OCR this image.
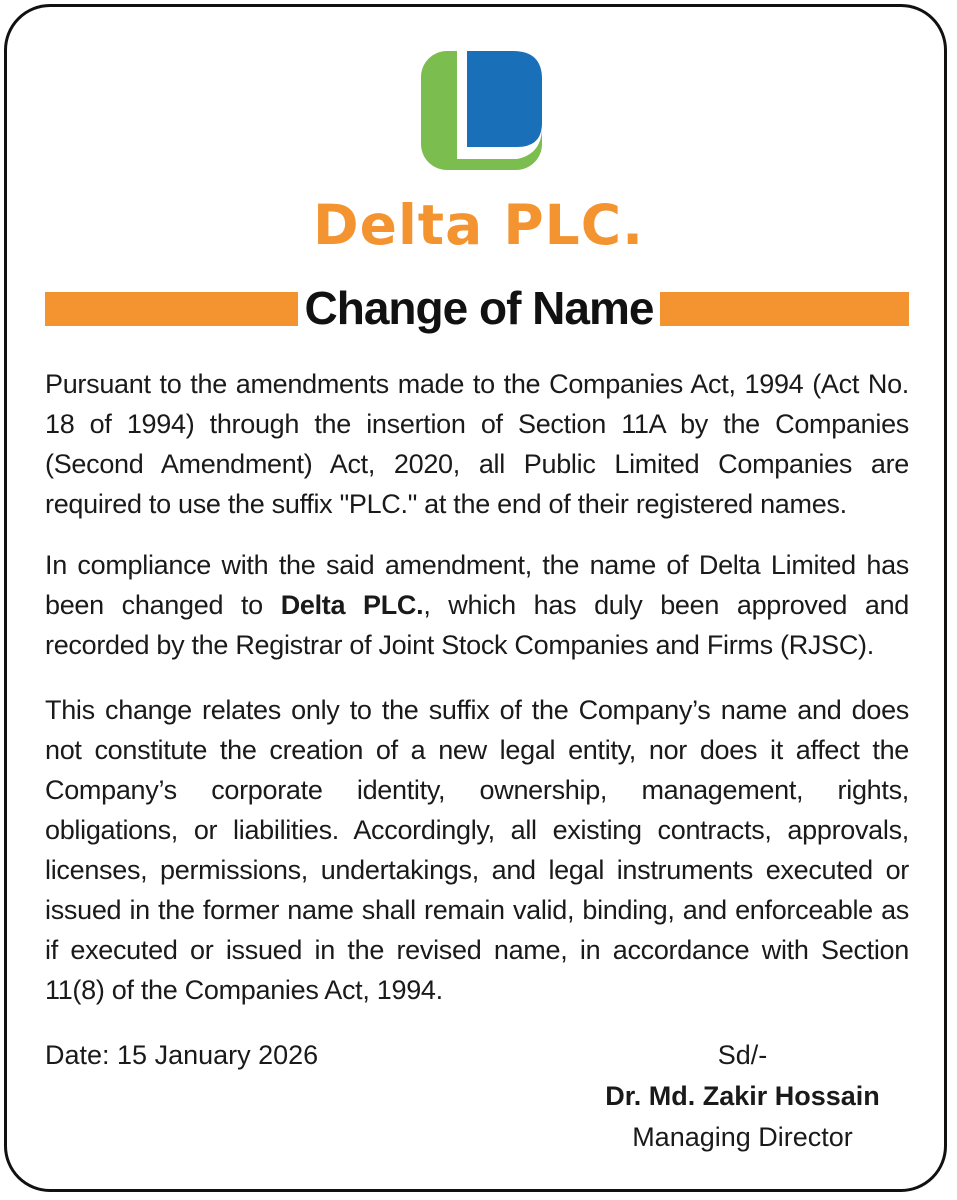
Delta PLC.
Change of Name

Pursuant to the amendments made to the Companies Act, 1994 (Act No. 18 of 1994) through the insertion of Section 11A by the Companies (Second Amendment) Act, 2020, all Public Limited Companies are required to use the suffix "PLC." at the end of their registered names.

In compliance with the said amendment, the name of Delta Limited has been changed to Delta PLC., which has duly been approved and recorded by the Registrar of Joint Stock Companies and Firms (RJSC).

This change relates only to the suffix of the Company’s name and does not constitute the creation of a new legal entity, nor does it affect the Company’s corporate identity, ownership, management, rights, obligations, or liabilities. Accordingly, all existing contracts, approvals, licenses, permissions, undertakings, and legal instruments executed or issued in the former name shall remain valid, binding, and enforceable as if executed or issued in the revised name, in accordance with Section 11(8) of the Companies Act, 1994.

Date: 15 January 2026	Sd/-
Dr. Md. Zakir Hossain
Managing Director
